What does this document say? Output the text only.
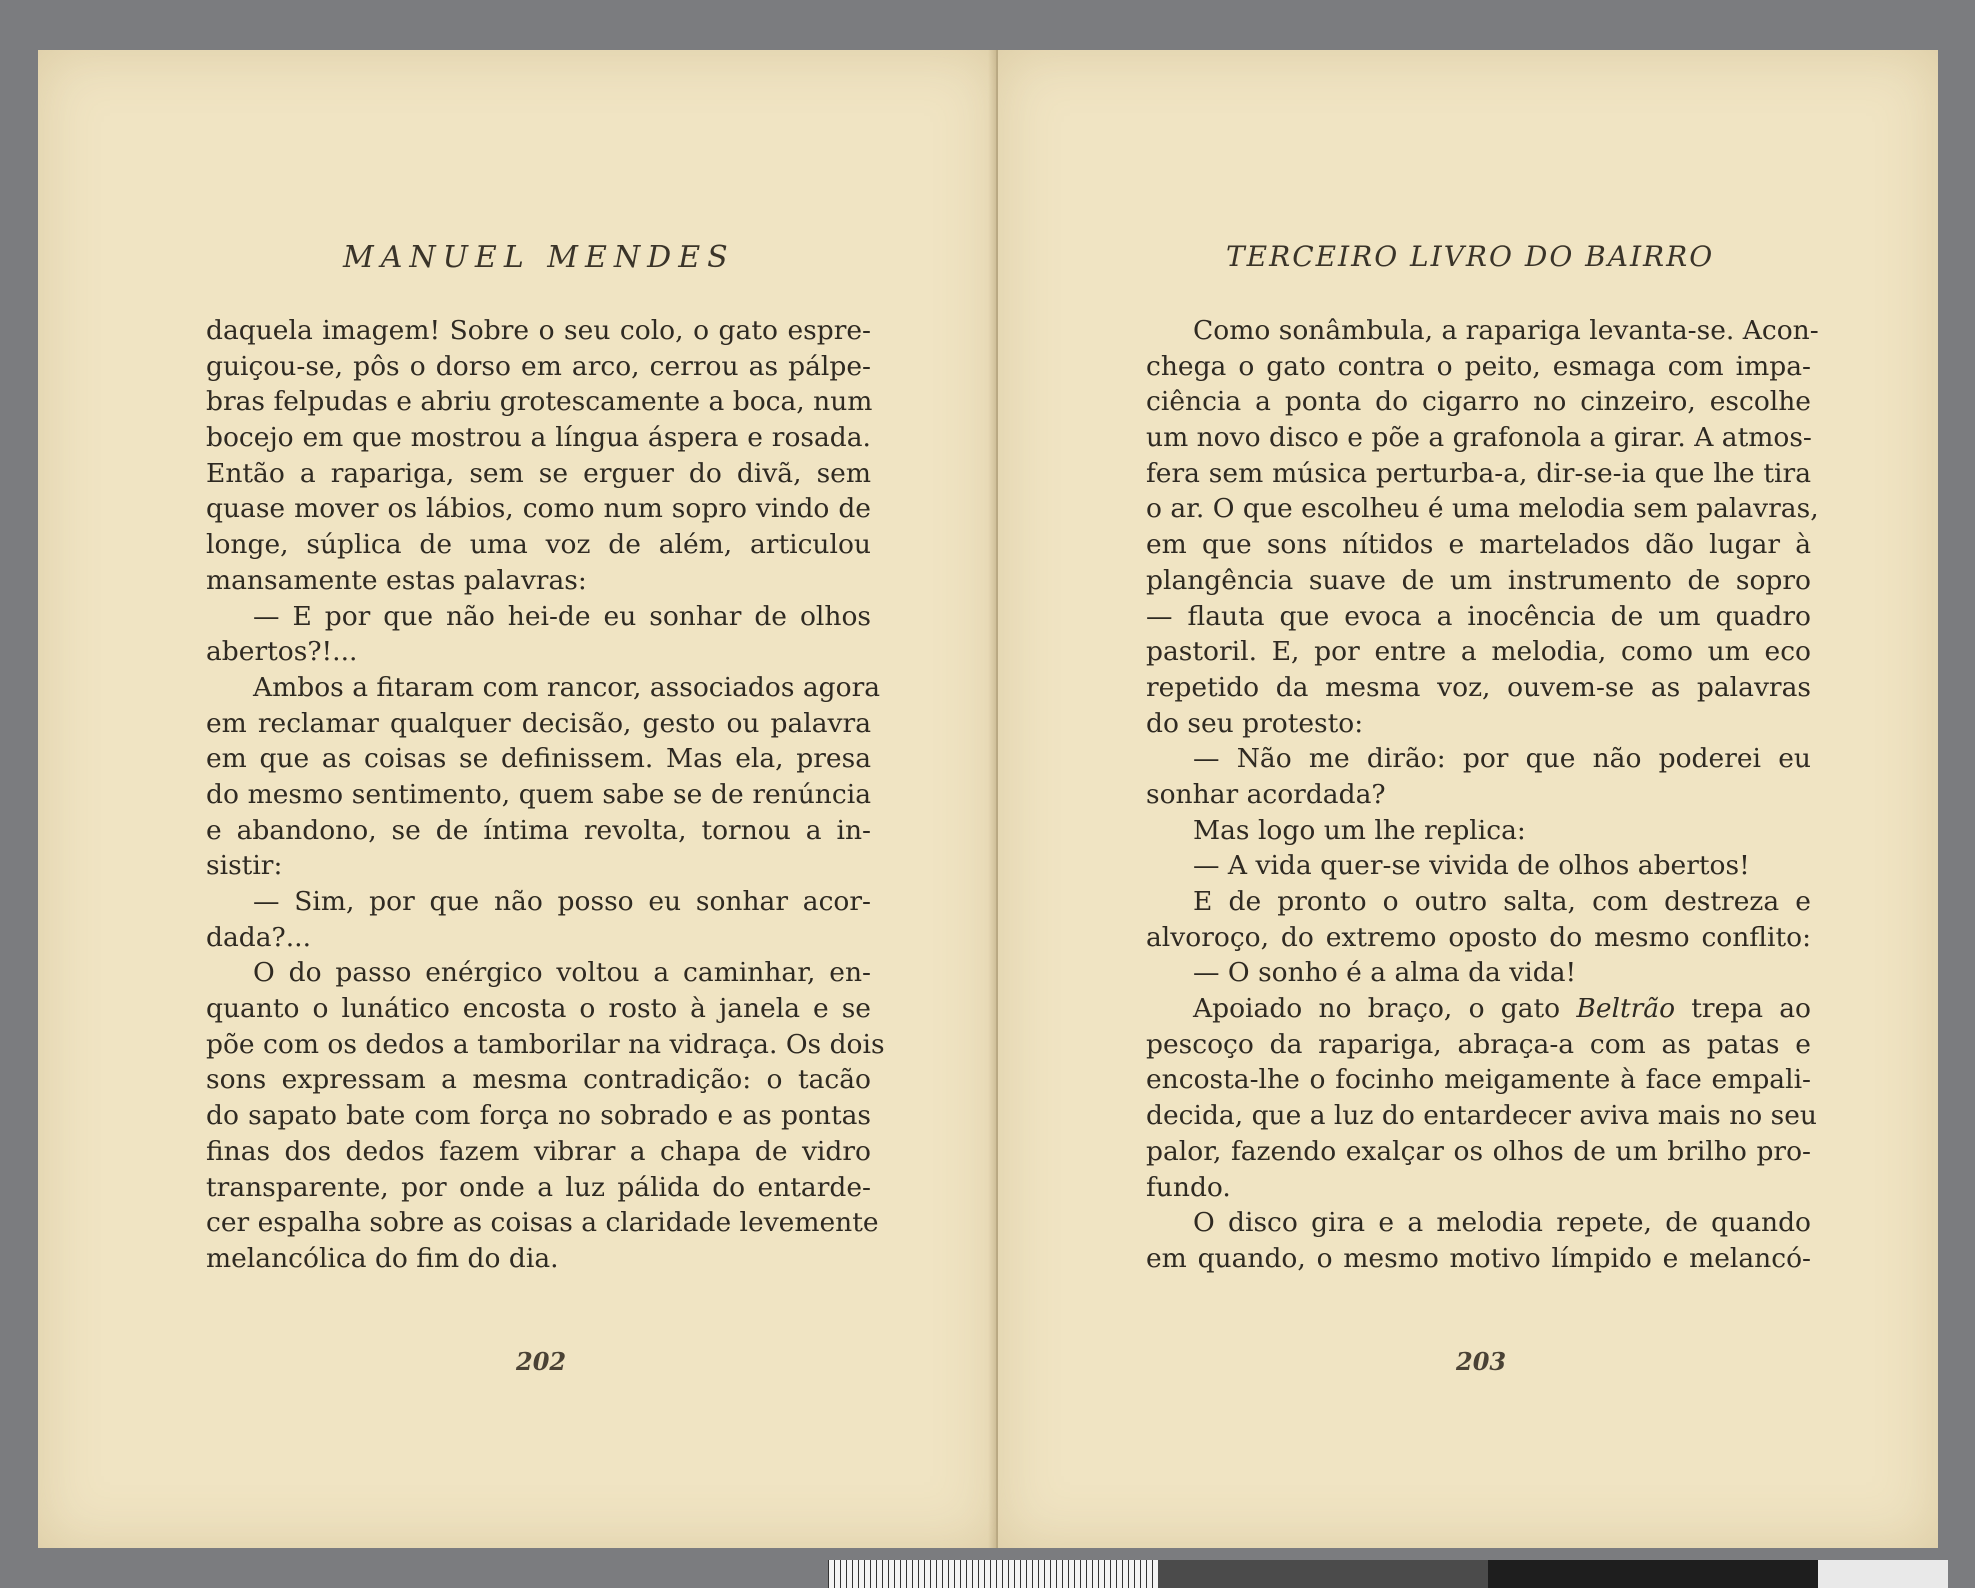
MANUEL MENDES

daquela imagem! Sobre o seu colo, o gato espre-
guiçou-se, pôs o dorso em arco, cerrou as pálpe-
bras felpudas e abriu grotescamente a boca, num
bocejo em que mostrou a língua áspera e rosada.
Então a rapariga, sem se erguer do divã, sem
quase mover os lábios, como num sopro vindo de
longe, súplica de uma voz de além, articulou
mansamente estas palavras:
— E por que não hei-de eu sonhar de olhos
abertos?!...
Ambos a fitaram com rancor, associados agora
em reclamar qualquer decisão, gesto ou palavra
em que as coisas se definissem. Mas ela, presa
do mesmo sentimento, quem sabe se de renúncia
e abandono, se de íntima revolta, tornou a in-
sistir:
— Sim, por que não posso eu sonhar acor-
dada?...
O do passo enérgico voltou a caminhar, en-
quanto o lunático encosta o rosto à janela e se
põe com os dedos a tamborilar na vidraça. Os dois
sons expressam a mesma contradição: o tacão
do sapato bate com força no sobrado e as pontas
finas dos dedos fazem vibrar a chapa de vidro
transparente, por onde a luz pálida do entarde-
cer espalha sobre as coisas a claridade levemente
melancólica do fim do dia.

202

TERCEIRO LIVRO DO BAIRRO

Como sonâmbula, a rapariga levanta-se. Acon-
chega o gato contra o peito, esmaga com impa-
ciência a ponta do cigarro no cinzeiro, escolhe
um novo disco e põe a grafonola a girar. A atmos-
fera sem música perturba-a, dir-se-ia que lhe tira
o ar. O que escolheu é uma melodia sem palavras,
em que sons nítidos e martelados dão lugar à
plangência suave de um instrumento de sopro
— flauta que evoca a inocência de um quadro
pastoril. E, por entre a melodia, como um eco
repetido da mesma voz, ouvem-se as palavras
do seu protesto:
— Não me dirão: por que não poderei eu
sonhar acordada?
Mas logo um lhe replica:
— A vida quer-se vivida de olhos abertos!
E de pronto o outro salta, com destreza e
alvoroço, do extremo oposto do mesmo conflito:
— O sonho é a alma da vida!
Apoiado no braço, o gato Beltrão trepa ao
pescoço da rapariga, abraça-a com as patas e
encosta-lhe o focinho meigamente à face empali-
decida, que a luz do entardecer aviva mais no seu
palor, fazendo exalçar os olhos de um brilho pro-
fundo.
O disco gira e a melodia repete, de quando
em quando, o mesmo motivo límpido e melancó-

203
